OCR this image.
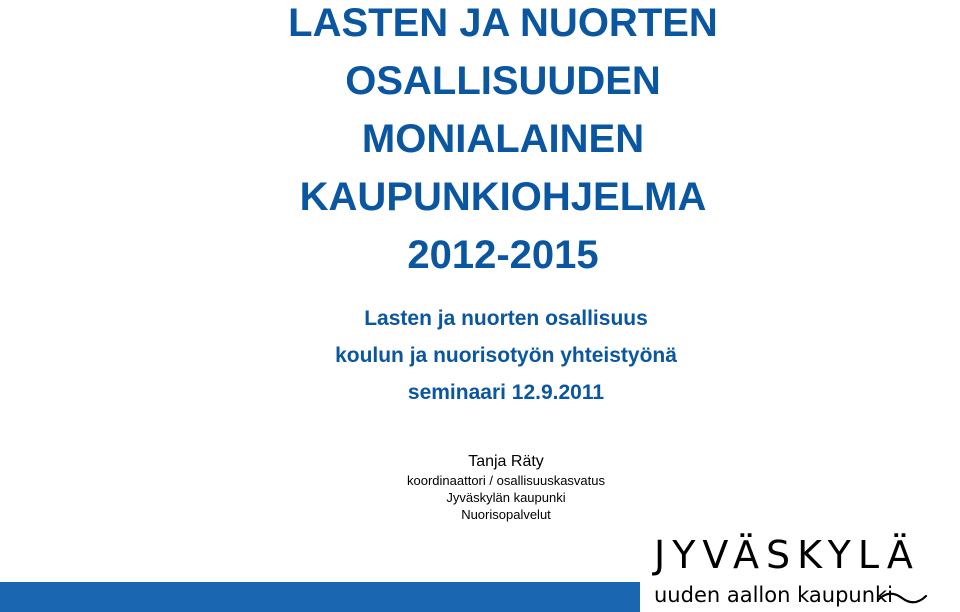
LASTEN JA NUORTEN
OSALLISUUDEN
MONIALAINEN
KAUPUNKIOHJELMA
2012-2015
Lasten ja nuorten osallisuus
koulun ja nuorisotyön yhteistyönä
seminaari 12.9.2011
Tanja Räty
koordinaattori / osallisuuskasvatus
Jyväskylän kaupunki
Nuorisopalvelut
JYVÄSKYLÄ
uuden aallon kaupunki
